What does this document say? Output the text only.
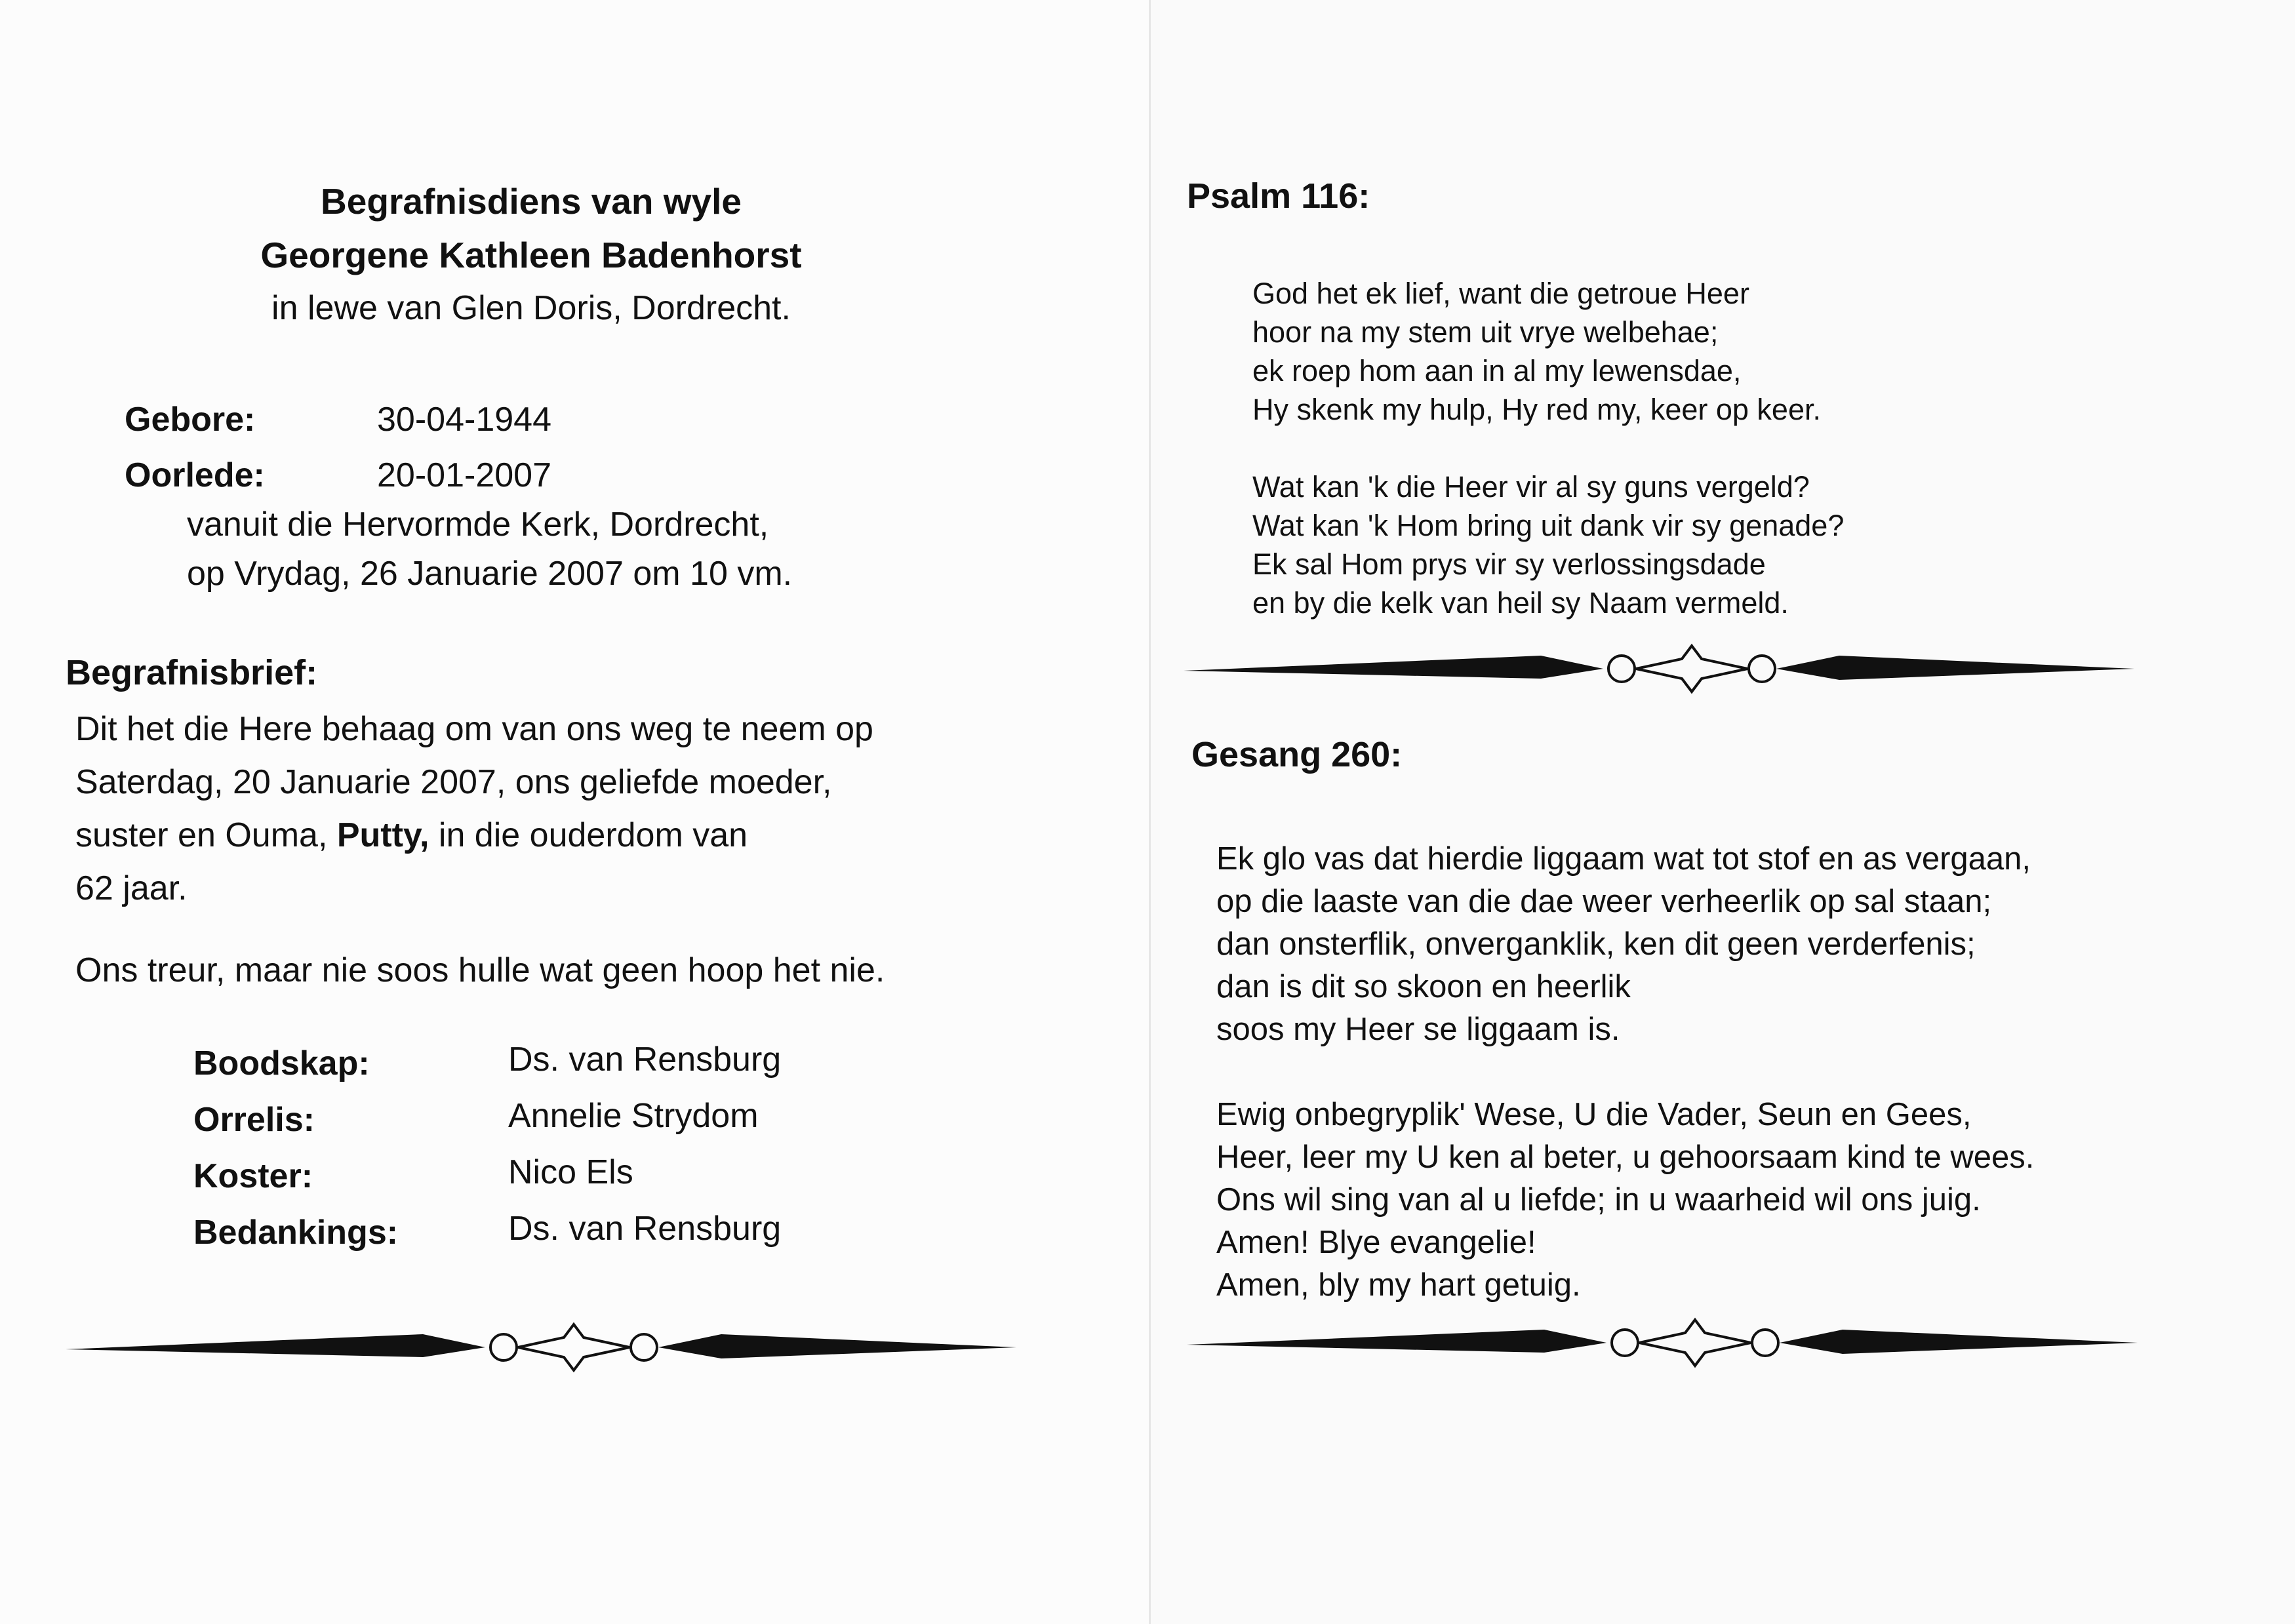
Begrafnisdiens van wyle
Georgene Kathleen Badenhorst
in lewe van Glen Doris, Dordrecht.
Gebore:	30-04-1944
Oorlede:	20-01-2007
vanuit die Hervormde Kerk, Dordrecht,
op Vrydag, 26 Januarie 2007 om 10 vm.
Begrafnisbrief:
Dit het die Here behaag om van ons weg te neem op
Saterdag, 20 Januarie 2007, ons geliefde moeder,
suster en Ouma, Putty, in die ouderdom van
62 jaar.
Ons treur, maar nie soos hulle wat geen hoop het nie.
Boodskap:	Ds. van Rensburg
Orrelis:	Annelie Strydom
Koster:	Nico Els
Bedankings:	Ds. van Rensburg
Psalm 116:
God het ek lief, want die getroue Heer
hoor na my stem uit vrye welbehae;
ek roep hom aan in al my lewensdae,
Hy skenk my hulp, Hy red my, keer op keer.

Wat kan 'k die Heer vir al sy guns vergeld?
Wat kan 'k Hom bring uit dank vir sy genade?
Ek sal Hom prys vir sy verlossingsdade
en by die kelk van heil sy Naam vermeld.
Gesang 260:
Ek glo vas dat hierdie liggaam wat tot stof en as vergaan,
op die laaste van die dae weer verheerlik op sal staan;
dan onsterflik, onverganklik, ken dit geen verderfenis;
dan is dit so skoon en heerlik
soos my Heer se liggaam is.

Ewig onbegryplik' Wese, U die Vader, Seun en Gees,
Heer, leer my U ken al beter, u gehoorsaam kind te wees.
Ons wil sing van al u liefde; in u waarheid wil ons juig.
Amen! Blye evangelie!
Amen, bly my hart getuig.
